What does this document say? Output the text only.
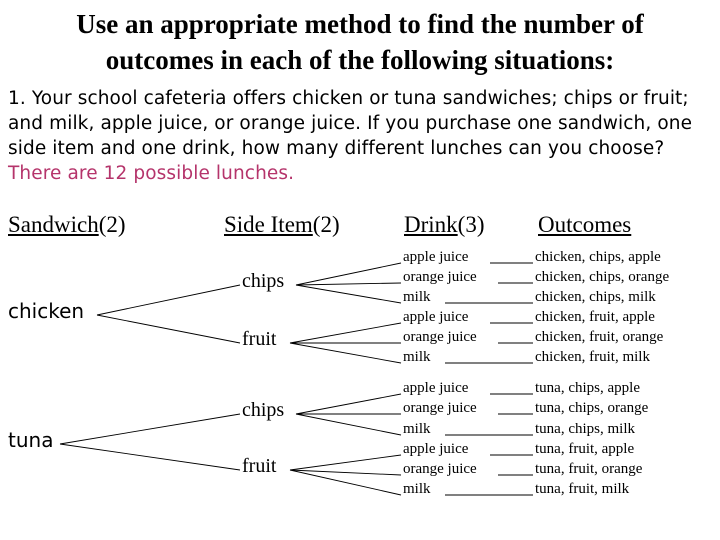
Use an appropriate method to find the number of
outcomes in each of the following situations:
1. Your school cafeteria offers chicken or tuna sandwiches; chips or fruit; and milk, apple juice, or orange juice. If you purchase one sandwich, one side item and one drink, how many different lunches can you choose? There are 12 possible lunches.
Sandwich(2)	Side Item(2)	Drink(3) Outcomes
chicken
tuna
chips
fruit
chips
fruit
apple juice
orange juice
milk
apple juice
orange juice
milk
apple juice
orange juice
milk
apple juice
orange juice
milk
chicken, chips, apple
chicken, chips, orange
chicken, chips, milk
chicken, fruit, apple
chicken, fruit, orange
chicken, fruit, milk
tuna, chips, apple
tuna, chips, orange
tuna, chips, milk
tuna, fruit, apple
tuna, fruit, orange
tuna, fruit, milk
